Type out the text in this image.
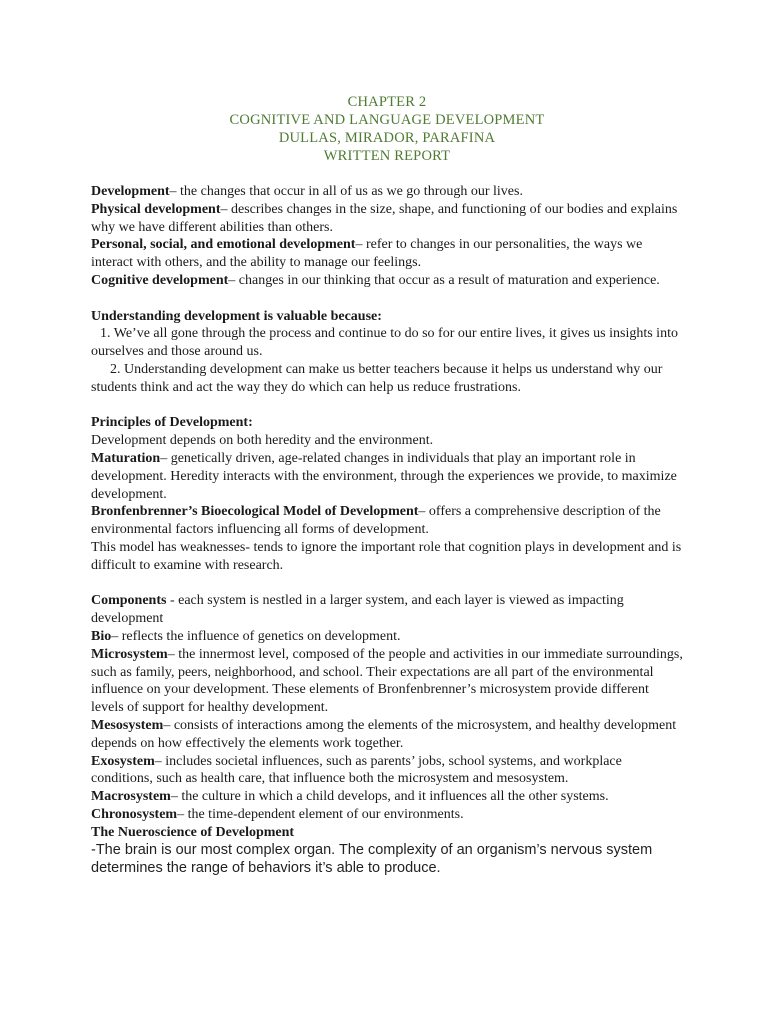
CHAPTER 2
COGNITIVE AND LANGUAGE DEVELOPMENT
DULLAS, MIRADOR, PARAFINA
WRITTEN REPORT

Development– the changes that occur in all of us as we go through our lives.

Physical development– describes changes in the size, shape, and functioning of our bodies and explains why we have different abilities than others.

Personal, social, and emotional development– refer to changes in our personalities, the ways we interact with others, and the ability to manage our feelings.

Cognitive development– changes in our thinking that occur as a result of maturation and experience.

Understanding development is valuable because:

1. We’ve all gone through the process and continue to do so for our entire lives, it gives us insights into ourselves and those around us.

2. Understanding development can make us better teachers because it helps us understand why our students think and act the way they do which can help us reduce frustrations.

Principles of Development:

Development depends on both heredity and the environment.

Maturation– genetically driven, age-related changes in individuals that play an important role in development. Heredity interacts with the environment, through the experiences we provide, to maximize development.

Bronfenbrenner’s Bioecological Model of Development– offers a comprehensive description of the environmental factors influencing all forms of development.

This model has weaknesses- tends to ignore the important role that cognition plays in development and is difficult to examine with research.

Components - each system is nestled in a larger system, and each layer is viewed as impacting development

Bio– reflects the influence of genetics on development.

Microsystem– the innermost level, composed of the people and activities in our immediate surroundings, such as family, peers, neighborhood, and school. Their expectations are all part of the environmental influence on your development. These elements of Bronfenbrenner’s microsystem provide different levels of support for healthy development.

Mesosystem– consists of interactions among the elements of the microsystem, and healthy development depends on how effectively the elements work together.

Exosystem– includes societal influences, such as parents’ jobs, school systems, and workplace conditions, such as health care, that influence both the microsystem and mesosystem.

Macrosystem– the culture in which a child develops, and it influences all the other systems.

Chronosystem– the time-dependent element of our environments.

The Nueroscience of Development

-The brain is our most complex organ. The complexity of an organism’s nervous system determines the range of behaviors it’s able to produce.
